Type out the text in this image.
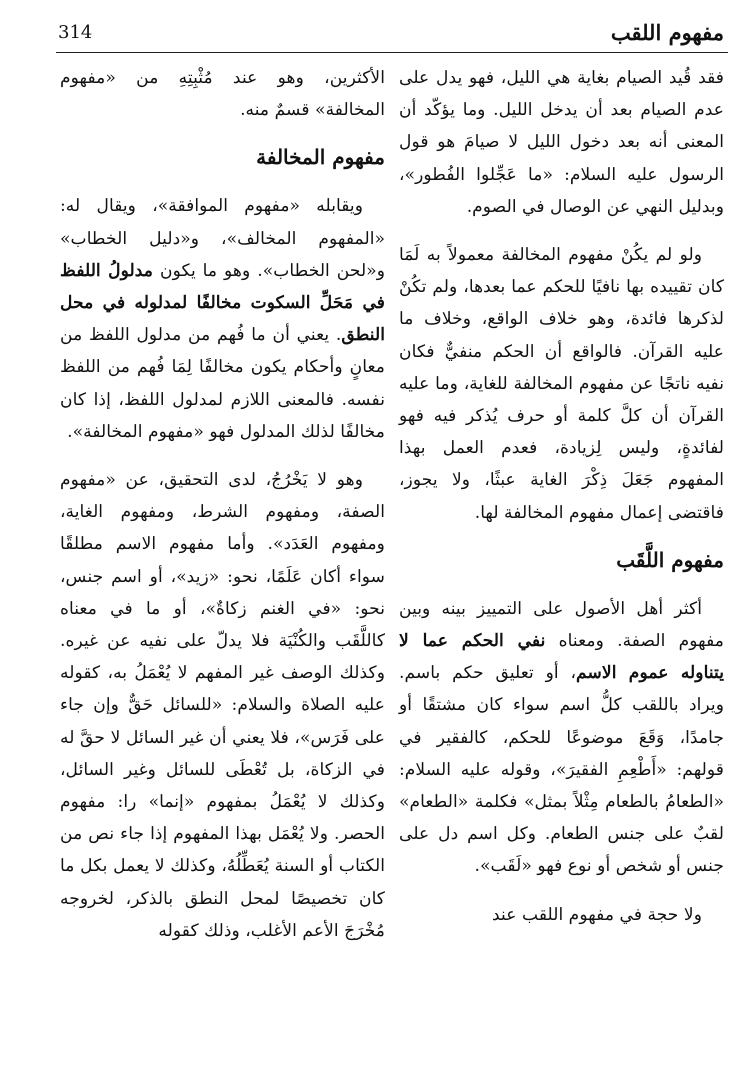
مفهوم اللقب
314

فقد قُيد الصيام بغاية هي الليل، فهو يدل على عدم الصيام بعد أن يدخل الليل. وما يؤكّد أن المعنى أنه بعد دخول الليل لا صيامَ هو قول الرسول عليه السلام: «ما عَجِّلوا الفُطور»، وبدليل النهي عن الوصال في الصوم.

ولو لم يكُنْ مفهوم المخالفة معمولاً به لَمَا كان تقييده بها نافيًا للحكم عما بعدها، ولم تكُنْ لذكرها فائدة، وهو خلاف الواقع، وخلاف ما عليه القرآن. فالواقع أن الحكم منفيٌّ فكان نفيه ناتجًا عن مفهوم المخالفة للغاية، وما عليه القرآن أن كلَّ كلمة أو حرف يُذكر فيه فهو لفائدةٍ، وليس لِزيادة، فعدم العمل بهذا المفهوم جَعَلَ ذِكْرَ الغاية عبثًا، ولا يجوز، فاقتضى إعمال مفهوم المخالفة لها.

مفهوم اللَّقَب

أكثر أهل الأصول على التمييز بينه وبين مفهوم الصفة. ومعناه نفي الحكم عما لا يتناوله عموم الاسم، أو تعليق حكم باسم. ويراد باللقب كلُّ اسم سواء كان مشتقًا أو جامدًا، وَقَعَ موضوعًا للحكم، كالفقير في قولهم: «أَطْعِمِ الفقيرَ»، وقوله عليه السلام: «الطعامُ بالطعام مِثْلاً بمثل» فكلمة «الطعام» لقبٌ على جنس الطعام. وكل اسم دل على جنس أو شخص أو نوع فهو «لَقَب».

ولا حجة في مفهوم اللقب عند

الأكثرين، وهو عند مُثْبِتِهِ من «مفهوم المخالفة» قسمٌ منه.

مفهوم المخالفة

ويقابله «مفهوم الموافقة»، ويقال له: «المفهوم المخالف»، و«دليل الخطاب» و«لحن الخطاب». وهو ما يكون مدلولُ اللفظ في مَحَلِّ السكوت مخالفًا لمدلوله في محل النطق. يعني أن ما فُهم من مدلول اللفظ من معانٍ وأحكام يكون مخالفًا لِمَا فُهم من اللفظ نفسه. فالمعنى اللازم لمدلول اللفظ، إذا كان مخالفًا لذلك المدلول فهو «مفهوم المخالفة».

وهو لا يَخْرُجُ، لدى التحقيق، عن «مفهوم الصفة، ومفهوم الشرط، ومفهوم الغاية، ومفهوم العَدَد». وأما مفهوم الاسم مطلقًا سواء أكان عَلَمًا، نحو: «زيد»، أو اسم جنس، نحو: «في الغنم زكاةٌ»، أو ما في معناه كاللَّقَب والكُنْيَة فلا يدلّ على نفيه عن غيره. وكذلك الوصف غير المفهم لا يُعْمَلُ به، كقوله عليه الصلاة والسلام: «للسائل حَقٌّ وإن جاء على فَرَس»، فلا يعني أن غير السائل لا حقَّ له في الزكاة، بل تُعْطَى للسائل وغير السائل، وكذلك لا يُعْمَلُ بمفهوم «إنما» را: مفهوم الحصر. ولا يُعْمَل بهذا المفهوم إذا جاء نص من الكتاب أو السنة يُعَطِّلُهُ، وكذلك لا يعمل بكل ما كان تخصيصًا لمحل النطق بالذكر، لخروجه مُخْرَجَ الأعم الأغلب، وذلك كقوله
